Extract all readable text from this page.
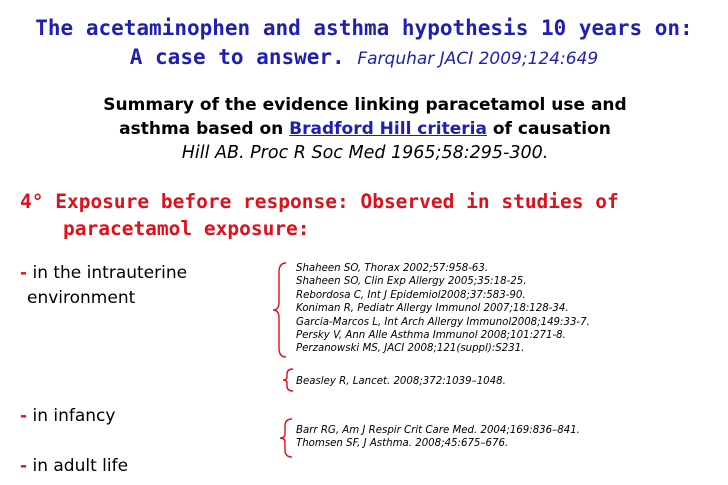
The acetaminophen and asthma hypothesis 10 years on:
A case to answer. Farquhar JACI 2009;124:649
Summary of the evidence linking paracetamol use and
asthma based on Bradford Hill criteria of causation
Hill AB. Proc R Soc Med 1965;58:295-300.
4° Exposure before response: Observed in studies of
paracetamol exposure:
- in the intrauterine
environment
Shaheen SO, Thorax 2002;57:958-63.
Shaheen SO, Clin Exp Allergy 2005;35:18-25.
Rebordosa C, Int J Epidemiol2008;37:583-90.
Koniman R, Pediatr Allergy Immunol 2007;18:128-34.
Garcia-Marcos L, Int Arch Allergy Immunol2008;149:33-7.
Persky V, Ann Alle Asthma Immunol 2008;101:271-8.
Perzanowski MS, JACI 2008;121(suppl):S231.
Beasley R, Lancet. 2008;372:1039–1048.
- in infancy
Barr RG, Am J Respir Crit Care Med. 2004;169:836–841.
Thomsen SF, J Asthma. 2008;45:675–676.
- in adult life
